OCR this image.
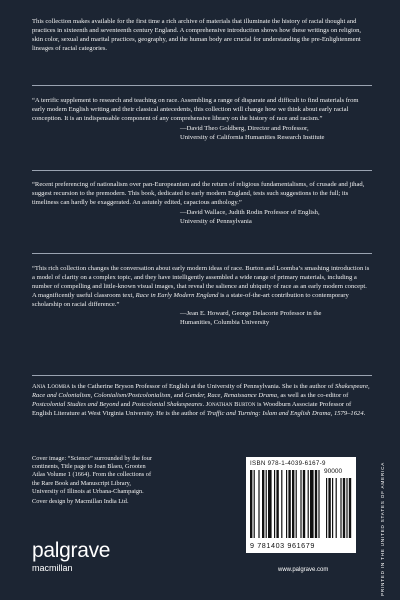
This collection makes available for the first time a rich archive of materials that illuminate the history of racial thought and practices in sixteenth and seventeenth century England. A comprehensive introduction shows how these writings on religion, skin color, sexual and marital practices, geography, and the human body are crucial for understanding the pre-Enlightenment lineages of racial categories.

“A terrific supplement to research and teaching on race. Assembling a range of disparate and difficult to find materials from early modern English writing and their classical antecedents, this collection will change how we think about early racial conception. It is an indispensable component of any comprehensive library on the history of race and racism.”
—David Theo Goldberg, Director and Professor,
University of California Humanities Research Institute

“Recent preferencing of nationalism over pan-Europeanism and the return of religious fundamentalisms, of crusade and jihad, suggest recursion to the premodern. This book, dedicated to early modern England, tests such suggestions to the full; its timeliness can hardly be exaggerated. An astutely edited, capacious anthology.”
—David Wallace, Judith Rodin Professor of English,
University of Pennsylvania

“This rich collection changes the conversation about early modern ideas of race. Burton and Loomba’s smashing introduction is a model of clarity on a complex topic, and they have intelligently assembled a wide range of primary materials, including a number of compelling and little-known visual images, that reveal the salience and ubiquity of race as an early modern concept. A magnificently useful classroom text, Race in Early Modern England is a state-of-the-art contribution to contemporary scholarship on racial difference.”
—Jean E. Howard, George Delacorte Professor in the
Humanities, Columbia University

Ania Loomba is the Catherine Bryson Professor of English at the University of Pennsylvania. She is the author of Shakespeare, Race and Colonialism, Colonialism/Postcolonialism, and Gender, Race, Renaissance Drama, as well as the co-editor of Postcolonial Studies and Beyond and Postcolonial Shakespeares. Jonathan Burton is Woodburn Associate Professor of English Literature at West Virginia University. He is the author of Traffic and Turning: Islam and English Drama, 1579–1624.

Cover image: “Science” surrounded by the four continents, Title page to Joan Blaeu, Grooten Atlas Volume 1 (1664). From the collections of the Rare Book and Manuscript Library, University of Illinois at Urbana-Champaign.
Cover design by Macmillan India Ltd.
palgrave
macmillan
ISBN 978-1-4039-6167-9
90000
9 781403 961679
www.palgrave.com	PRINTED IN THE UNITED STATES OF AMERICA
